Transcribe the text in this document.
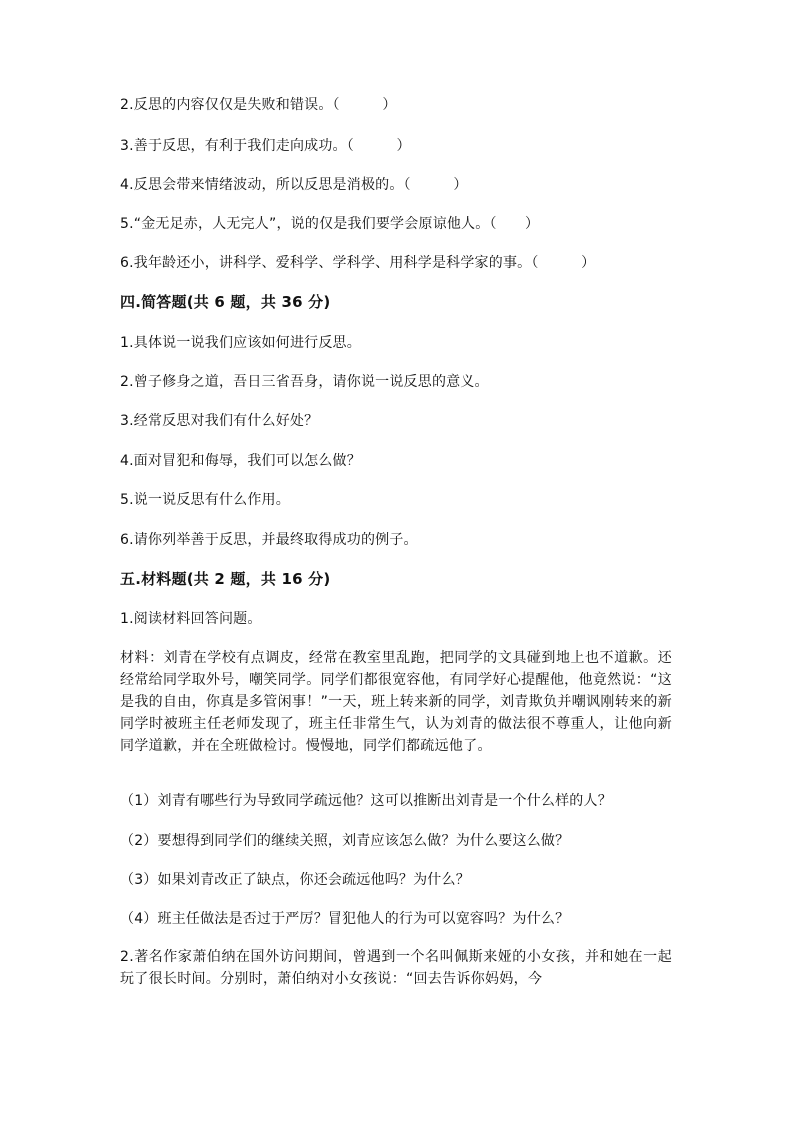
2.反思的内容仅仅是失败和错误。（　　　）
3.善于反思，有利于我们走向成功。（　　　）
4.反思会带来情绪波动，所以反思是消极的。（　　　）
5.“金无足赤，人无完人”，说的仅是我们要学会原谅他人。（　　）
6.我年龄还小，讲科学、爱科学、学科学、用科学是科学家的事。（　　　）
四.简答题(共 6 题，共 36 分)
1.具体说一说我们应该如何进行反思。
2.曾子修身之道，吾日三省吾身，请你说一说反思的意义。
3.经常反思对我们有什么好处？
4.面对冒犯和侮辱，我们可以怎么做？
5.说一说反思有什么作用。
6.请你列举善于反思，并最终取得成功的例子。
五.材料题(共 2 题，共 16 分)
1.阅读材料回答问题。
材料：刘青在学校有点调皮，经常在教室里乱跑，把同学的文具碰到地上也不道歉。还经常给同学取外号，嘲笑同学。同学们都很宽容他，有同学好心提醒他，他竟然说：“这是我的自由，你真是多管闲事！”一天，班上转来新的同学，刘青欺负并嘲讽刚转来的新同学时被班主任老师发现了，班主任非常生气，认为刘青的做法很不尊重人，让他向新同学道歉，并在全班做检讨。慢慢地，同学们都疏远他了。
（1）刘青有哪些行为导致同学疏远他？这可以推断出刘青是一个什么样的人？
（2）要想得到同学们的继续关照，刘青应该怎么做？为什么要这么做？
（3）如果刘青改正了缺点，你还会疏远他吗？为什么？
（4）班主任做法是否过于严厉？冒犯他人的行为可以宽容吗？为什么？
2.著名作家萧伯纳在国外访问期间，曾遇到一个名叫佩斯来娅的小女孩，并和她在一起玩了很长时间。分别时，萧伯纳对小女孩说：“回去告诉你妈妈，今
